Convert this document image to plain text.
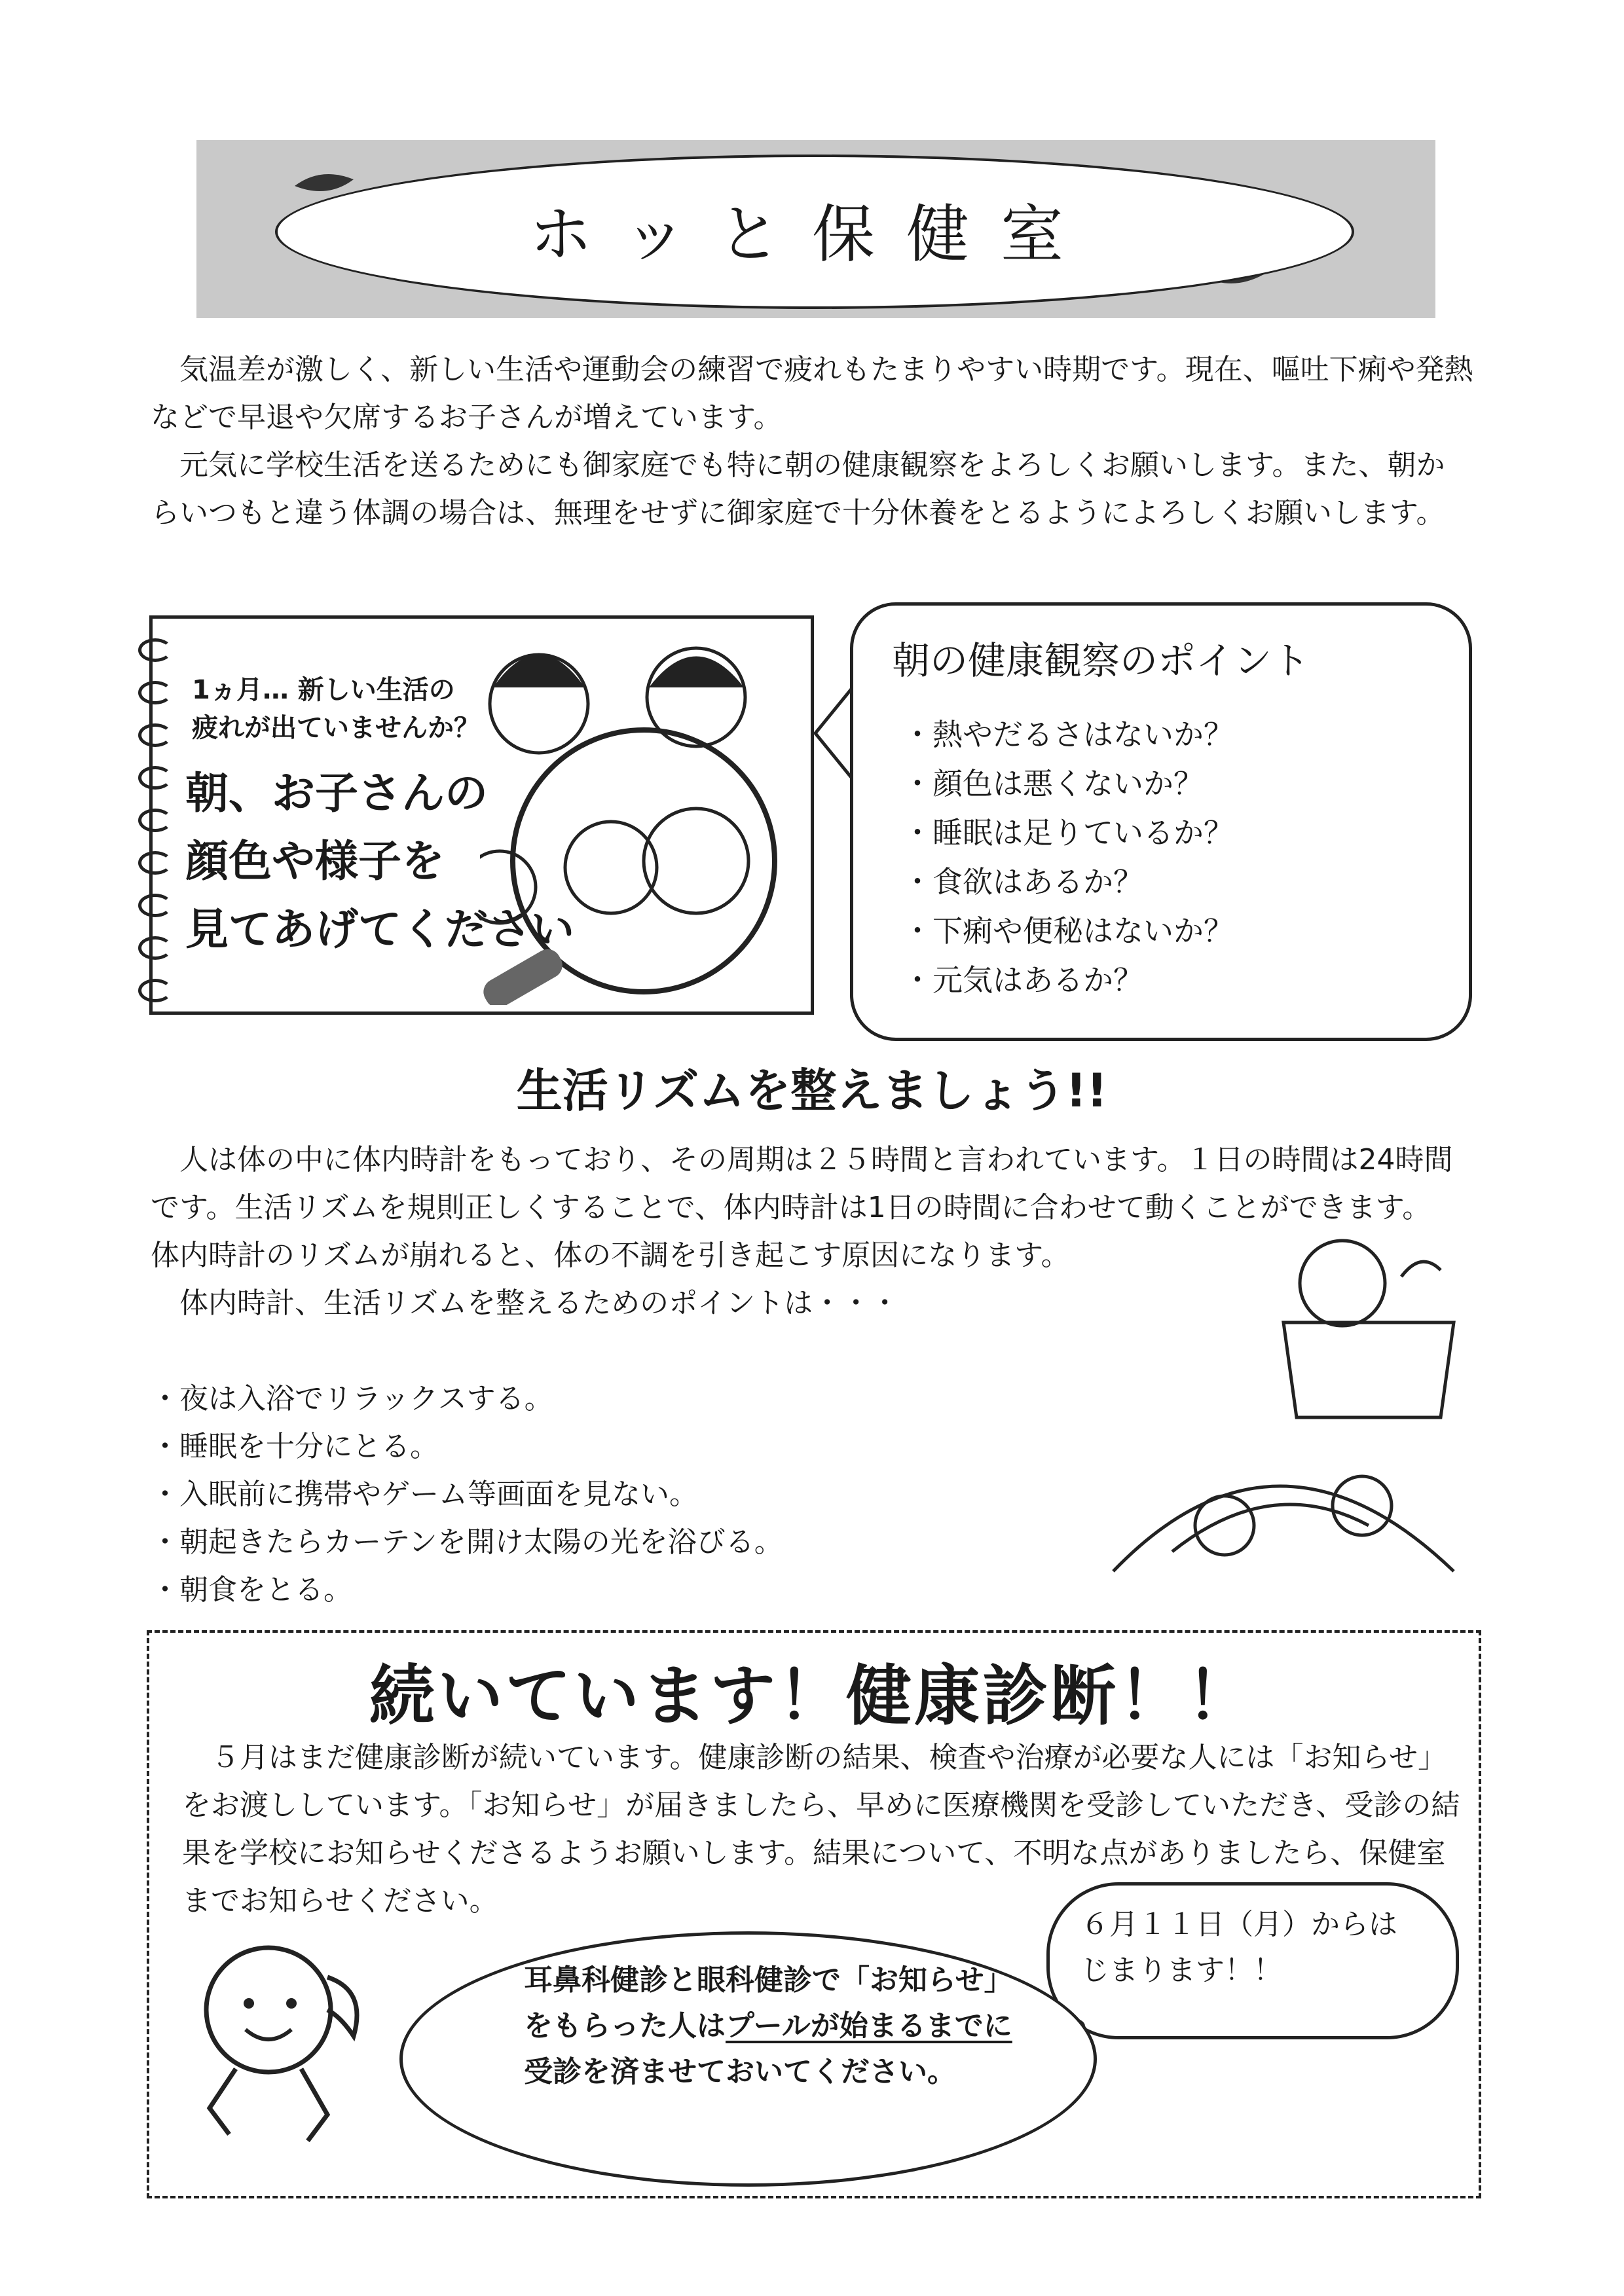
ホッと保健室

　気温差が激しく、新しい生活や運動会の練習で疲れもたまりやすい時期です。現在、嘔吐下痢や発熱などで早退や欠席するお子さんが増えています。

　元気に学校生活を送るためにも御家庭でも特に朝の健康観察をよろしくお願いします。また、朝からいつもと違う体調の場合は、無理をせずに御家庭で十分休養をとるようによろしくお願いします。

1ヵ月… 新しい生活の
疲れが出ていませんか？
朝、お子さんの
顔色や様子を
見てあげてください
朝の健康観察のポイント
・熱やだるさはないか？
・顔色は悪くないか？
・睡眠は足りているか？
・食欲はあるか？
・下痢や便秘はないか？
・元気はあるか？
生活リズムを整えましょう!!

　人は体の中に体内時計をもっており、その周期は２５時間と言われています。１日の時間は24時間です。生活リズムを規則正しくすることで、体内時計は1日の時間に合わせて動くことができます。

体内時計のリズムが崩れると、体の不調を引き起こす原因になります。

　体内時計、生活リズムを整えるためのポイントは・・・

・夜は入浴でリラックスする。
・睡眠を十分にとる。
・入眠前に携帯やゲーム等画面を見ない。
・朝起きたらカーテンを開け太陽の光を浴びる。
・朝食をとる。
続いています！健康診断！！

　５月はまだ健康診断が続いています。健康診断の結果、検査や治療が必要な人には「お知らせ」をお渡ししています。「お知らせ」が届きましたら、早めに医療機関を受診していただき、受診の結果を学校にお知らせくださるようお願いします。結果について、不明な点がありましたら、保健室までお知らせください。

６月１１日（月）からはじまります！！
耳鼻科健診と眼科健診で「お知らせ」をもらった人はプールが始まるまでに受診を済ませておいてください。
